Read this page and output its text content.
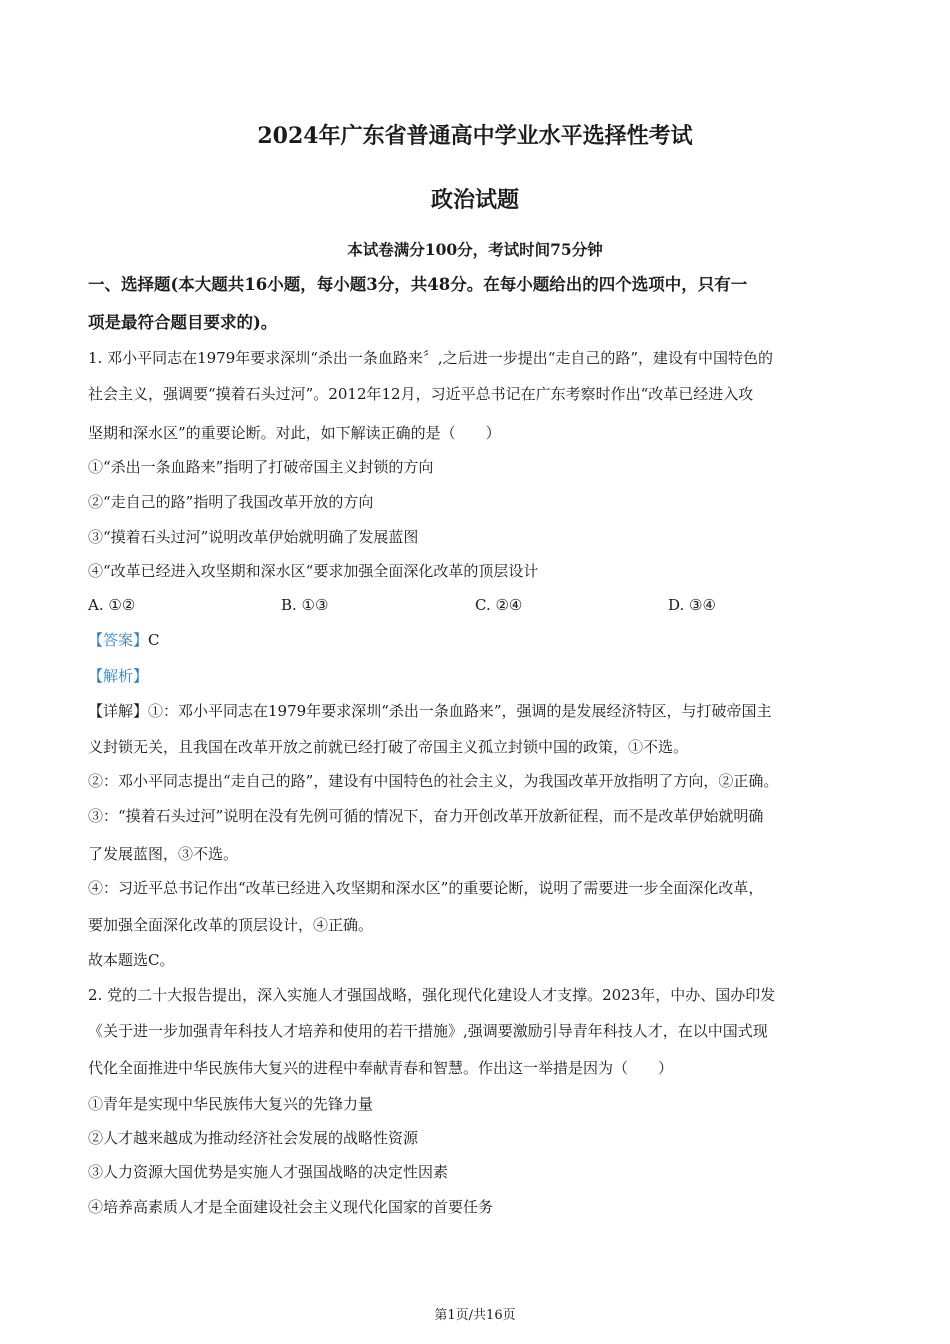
2024年广东省普通高中学业水平选择性考试
政治试题
本试卷满分100分，考试时间75分钟
一、选择题(本大题共16小题，每小题3分，共48分。在每小题给出的四个选项中，只有一
项是最符合题目要求的)。
1. 邓小平同志在1979年要求深圳“杀出一条血路来〞,之后进一步提出“走自己的路”，建设有中国特色的
社会主义，强调要“摸着石头过河”。2012年12月，习近平总书记在广东考察时作出“改革已经进入攻
坚期和深水区”的重要论断。对此，如下解读正确的是（　　）
①“杀出一条血路来”指明了打破帝国主义封锁的方向
②“走自己的路”指明了我国改革开放的方向
③“摸着石头过河”说明改革伊始就明确了发展蓝图
④“改革已经进入攻坚期和深水区“要求加强全面深化改革的顶层设计
A. ①②	B. ①③	C. ②④	D. ③④
【答案】C
【解析】
【详解】①：邓小平同志在1979年要求深圳“杀出一条血路来”，强调的是发展经济特区，与打破帝国主
义封锁无关，且我国在改革开放之前就已经打破了帝国主义孤立封锁中国的政策，①不选。
②：邓小平同志提出“走自己的路”，建设有中国特色的社会主义，为我国改革开放指明了方向，②正确。
③：“摸着石头过河”说明在没有先例可循的情况下，奋力开创改革开放新征程，而不是改革伊始就明确
了发展蓝图，③不选。
④：习近平总书记作出“改革已经进入攻坚期和深水区”的重要论断，说明了需要进一步全面深化改革，
要加强全面深化改革的顶层设计，④正确。
故本题选C。
2. 党的二十大报告提出，深入实施人才强国战略，强化现代化建设人才支撑。2023年，中办、国办印发
《关于进一步加强青年科技人才培养和使用的若干措施》,强调要激励引导青年科技人才，在以中国式现
代化全面推进中华民族伟大复兴的进程中奉献青春和智慧。作出这一举措是因为（　　）
①青年是实现中华民族伟大复兴的先锋力量
②人才越来越成为推动经济社会发展的战略性资源
③人力资源大国优势是实施人才强国战略的决定性因素
④培养高素质人才是全面建设社会主义现代化国家的首要任务
第1页/共16页
